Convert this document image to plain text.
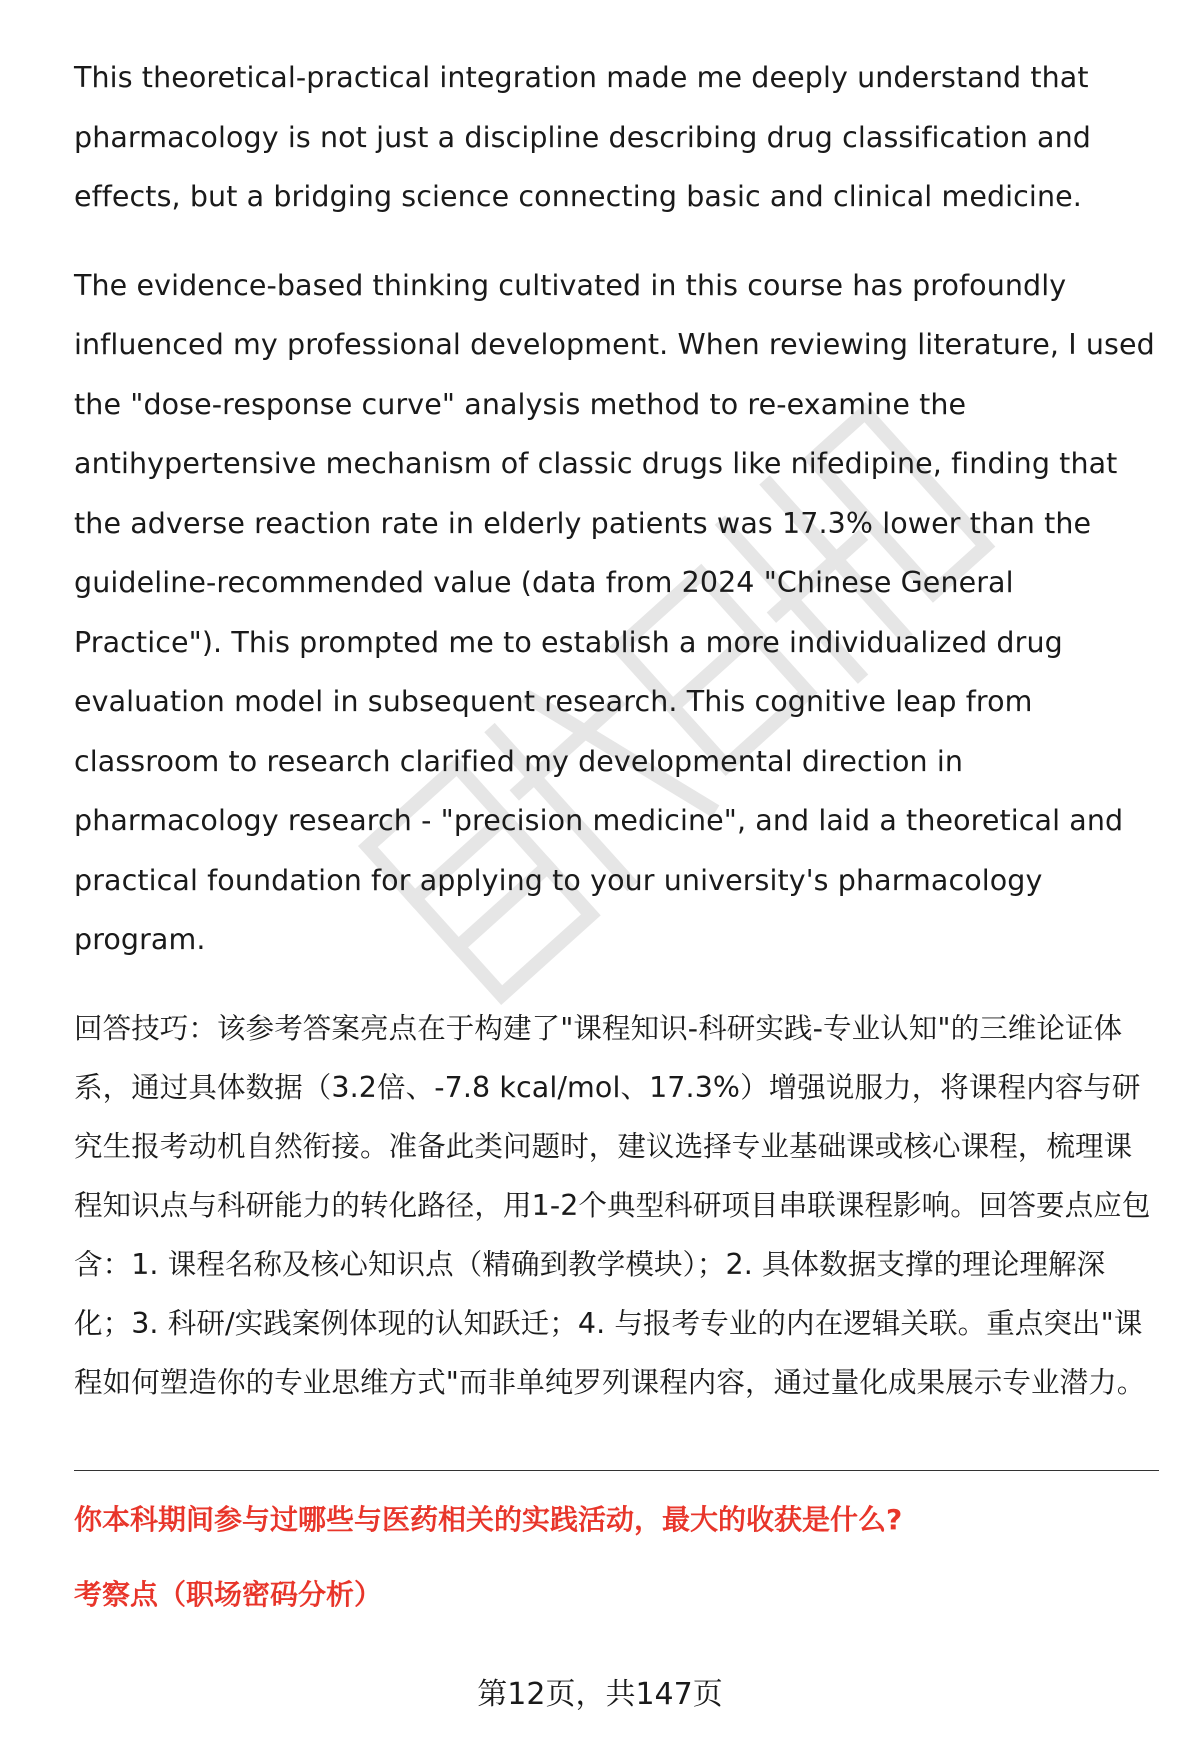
This theoretical-practical integration made me deeply understand that pharmacology is not just a discipline describing drug classification and effects, but a bridging science connecting basic and clinical medicine.

The evidence-based thinking cultivated in this course has profoundly influenced my professional development. When reviewing literature, I used the "dose-response curve" analysis method to re-examine the antihypertensive mechanism of classic drugs like nifedipine, finding that the adverse reaction rate in elderly patients was 17.3% lower than the guideline-recommended value (data from 2024 "Chinese General Practice"). This prompted me to establish a more individualized drug evaluation model in subsequent research. This cognitive leap from classroom to research clarified my developmental direction in pharmacology research - "precision medicine", and laid a theoretical and practical foundation for applying to your university's pharmacology program.

回答技巧：该参考答案亮点在于构建了"课程知识-科研实践-专业认知"的三维论证体系，通过具体数据（3.2倍、-7.8 kcal/mol、17.3%）增强说服力，将课程内容与研究生报考动机自然衔接。准备此类问题时，建议选择专业基础课或核心课程，梳理课程知识点与科研能力的转化路径，用1-2个典型科研项目串联课程影响。回答要点应包含：1. 课程名称及核心知识点（精确到教学模块）；2. 具体数据支撑的理论理解深化；3. 科研/实践案例体现的认知跃迁；4. 与报考专业的内在逻辑关联。重点突出"课程如何塑造你的专业思维方式"而非单纯罗列课程内容，通过量化成果展示专业潜力。

你本科期间参与过哪些与医药相关的实践活动，最大的收获是什么?

考察点（职场密码分析）

第12页，共147页
